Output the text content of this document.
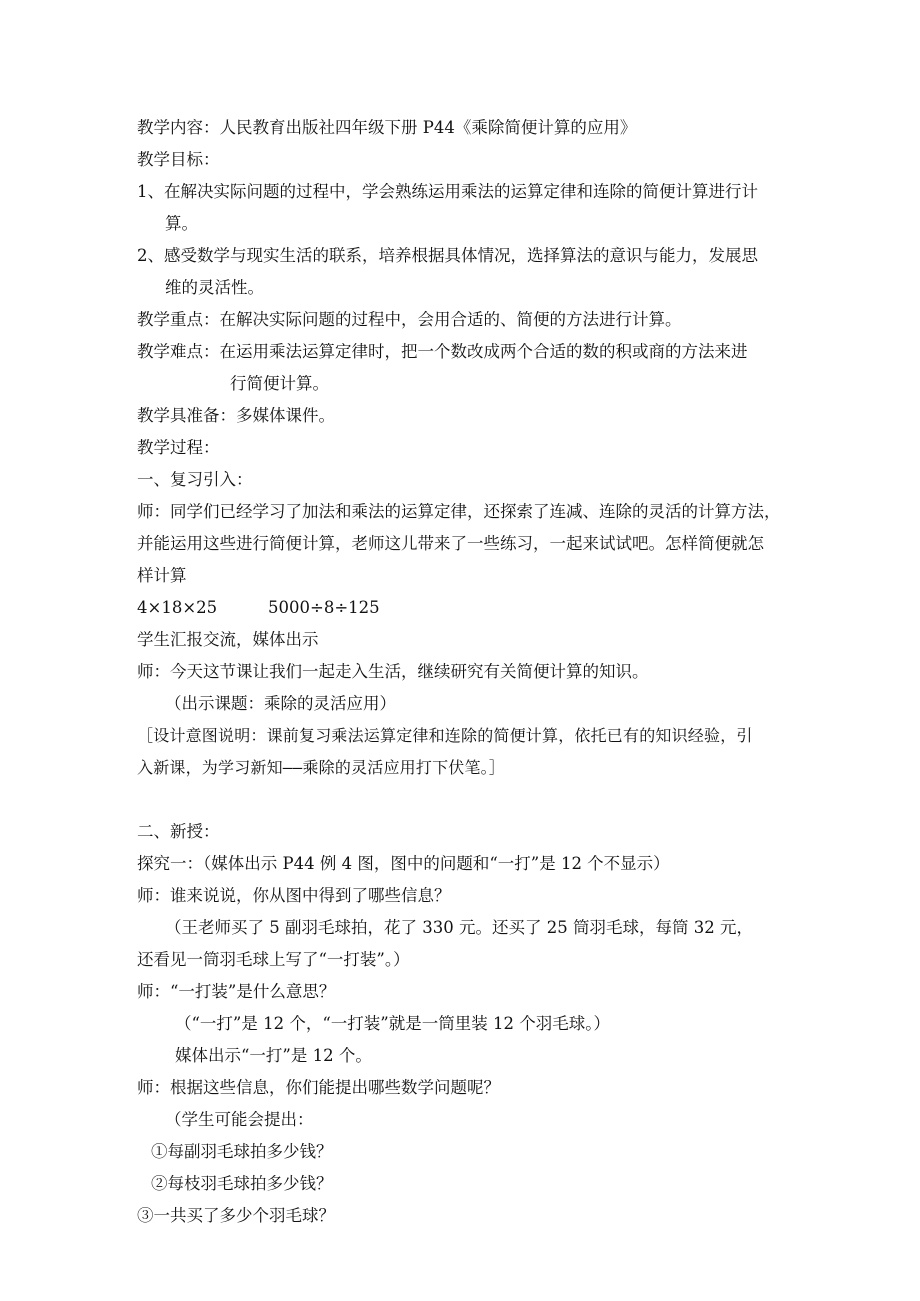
教学内容：人民教育出版社四年级下册 P44《乘除简便计算的应用》
教学目标：
1、在解决实际问题的过程中，学会熟练运用乘法的运算定律和连除的简便计算进行计
算。
2、感受数学与现实生活的联系，培养根据具体情况，选择算法的意识与能力，发展思
维的灵活性。
教学重点：在解决实际问题的过程中，会用合适的、简便的方法进行计算。
教学难点：在运用乘法运算定律时，把一个数改成两个合适的数的积或商的方法来进
行简便计算。
教学具准备：多媒体课件。
教学过程：
一、复习引入：
师：同学们已经学习了加法和乘法的运算定律，还探索了连减、连除的灵活的计算方法，
并能运用这些进行简便计算，老师这儿带来了一些练习，一起来试试吧。怎样简便就怎
样计算
4×18×25	5000÷8÷125
学生汇报交流，媒体出示
师：今天这节课让我们一起走入生活，继续研究有关简便计算的知识。
（出示课题：乘除的灵活应用）
［设计意图说明：课前复习乘法运算定律和连除的简便计算，依托已有的知识经验，引
入新课，为学习新知——乘除的灵活应用打下伏笔。］
二、新授：
探究一：（媒体出示 P44 例 4 图，图中的问题和“一打”是 12 个不显示）
师：谁来说说，你从图中得到了哪些信息？
（王老师买了 5 副羽毛球拍，花了 330 元。还买了 25 筒羽毛球，每筒 32 元，
还看见一筒羽毛球上写了“一打装”。）
师：“一打装”是什么意思？
（“一打”是 12 个，“一打装”就是一筒里装 12 个羽毛球。）
媒体出示“一打”是 12 个。
师：根据这些信息，你们能提出哪些数学问题呢？
（学生可能会提出：
①每副羽毛球拍多少钱？
②每枝羽毛球拍多少钱？
③一共买了多少个羽毛球？
